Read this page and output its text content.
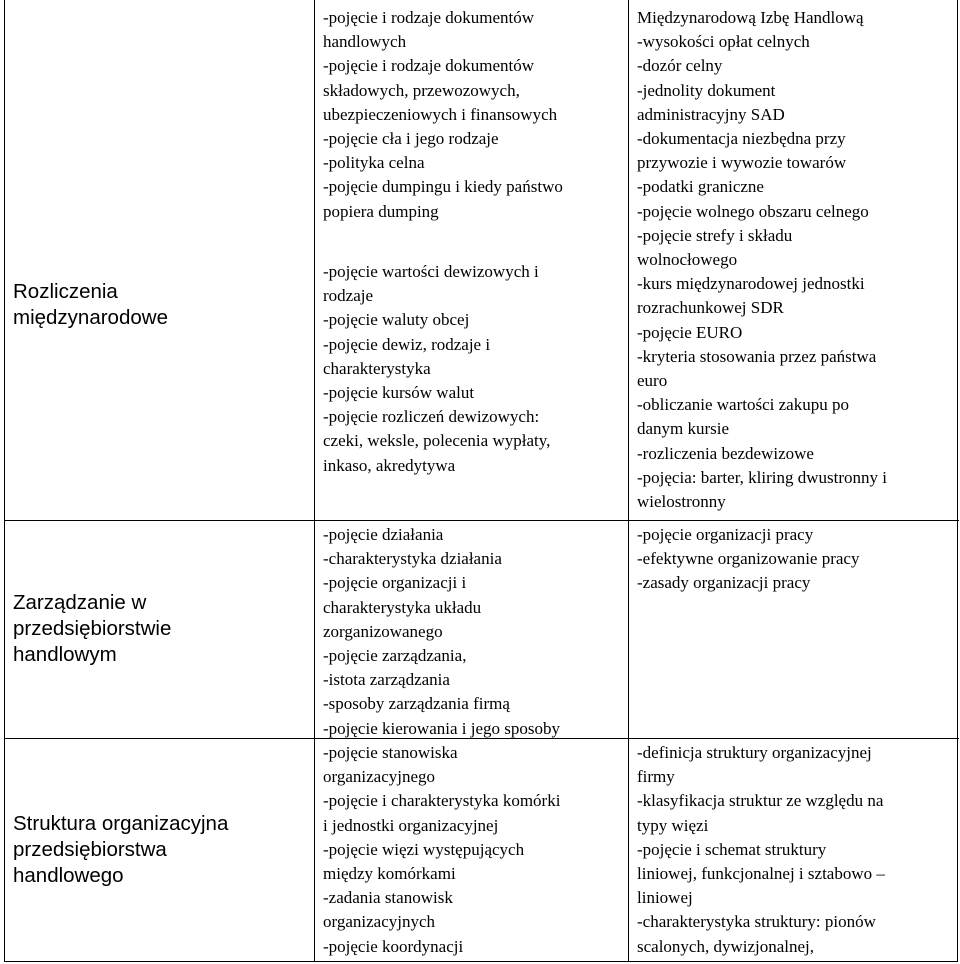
Rozliczenia
międzynarodowe
-pojęcie i rodzaje dokumentów
handlowych
-pojęcie i rodzaje dokumentów
składowych, przewozowych,
ubezpieczeniowych i finansowych
-pojęcie cła i jego rodzaje
-polityka celna
-pojęcie dumpingu i kiedy państwo
popiera dumping
-pojęcie wartości dewizowych i
rodzaje
-pojęcie waluty obcej
-pojęcie dewiz, rodzaje i
charakterystyka
-pojęcie kursów walut
-pojęcie rozliczeń dewizowych:
czeki, weksle, polecenia wypłaty,
inkaso, akredytywa
Międzynarodową Izbę Handlową
-wysokości opłat celnych
-dozór celny
-jednolity dokument
administracyjny SAD
-dokumentacja niezbędna przy
przywozie i wywozie towarów
-podatki graniczne
-pojęcie wolnego obszaru celnego
-pojęcie strefy i składu
wolnocłowego
-kurs międzynarodowej jednostki
rozrachunkowej SDR
-pojęcie EURO
-kryteria stosowania przez państwa
euro
-obliczanie wartości zakupu po
danym kursie
-rozliczenia bezdewizowe
-pojęcia: barter, kliring dwustronny i
wielostronny
Zarządzanie w
przedsiębiorstwie
handlowym
-pojęcie działania
-charakterystyka działania
-pojęcie organizacji i
charakterystyka układu
zorganizowanego
-pojęcie zarządzania,
-istota zarządzania
-sposoby zarządzania firmą
-pojęcie kierowania i jego sposoby
-pojęcie organizacji pracy
-efektywne organizowanie pracy
-zasady organizacji pracy
Struktura organizacyjna
przedsiębiorstwa
handlowego
-pojęcie stanowiska
organizacyjnego
-pojęcie i charakterystyka komórki
i jednostki organizacyjnej
-pojęcie więzi występujących
między komórkami
-zadania stanowisk
organizacyjnych
-pojęcie koordynacji
-definicja struktury organizacyjnej
firmy
-klasyfikacja struktur ze względu na
typy więzi
-pojęcie i schemat struktury
liniowej, funkcjonalnej i sztabowo –
liniowej
-charakterystyka struktury: pionów
scalonych, dywizjonalnej,
